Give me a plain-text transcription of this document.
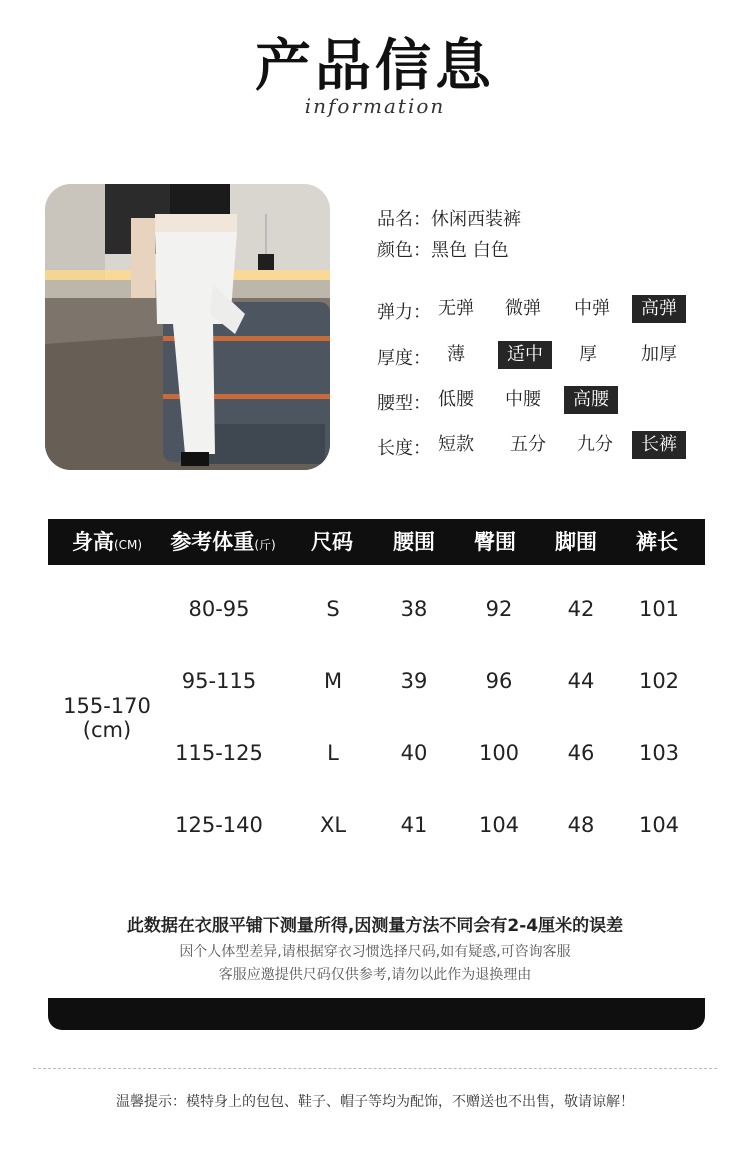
产品信息
information
品名：休闲西装裤
颜色：黑色 白色
弹力： 无弹	微弹	中弹	高弹
厚度： 薄	适中	厚	加厚
腰型： 低腰	中腰	高腰
长度： 短款	五分	九分	长裤
身高(CM) 参考体重(斤) 尺码 腰围 臀围 脚围 裤长
155-170
(cm)
80-95	S	38	92	42 101
95-115	M	39	96	44 102
115-125	L	40 100 46 103
125-140	XL	41 104 48 104
此数据在衣服平铺下测量所得,因测量方法不同会有2-4厘米的误差
因个人体型差异,请根据穿衣习惯选择尺码,如有疑惑,可咨询客服
客服应邀提供尺码仅供参考,请勿以此作为退换理由
温馨提示：模特身上的包包、鞋子、帽子等均为配饰，不赠送也不出售，敬请谅解！
